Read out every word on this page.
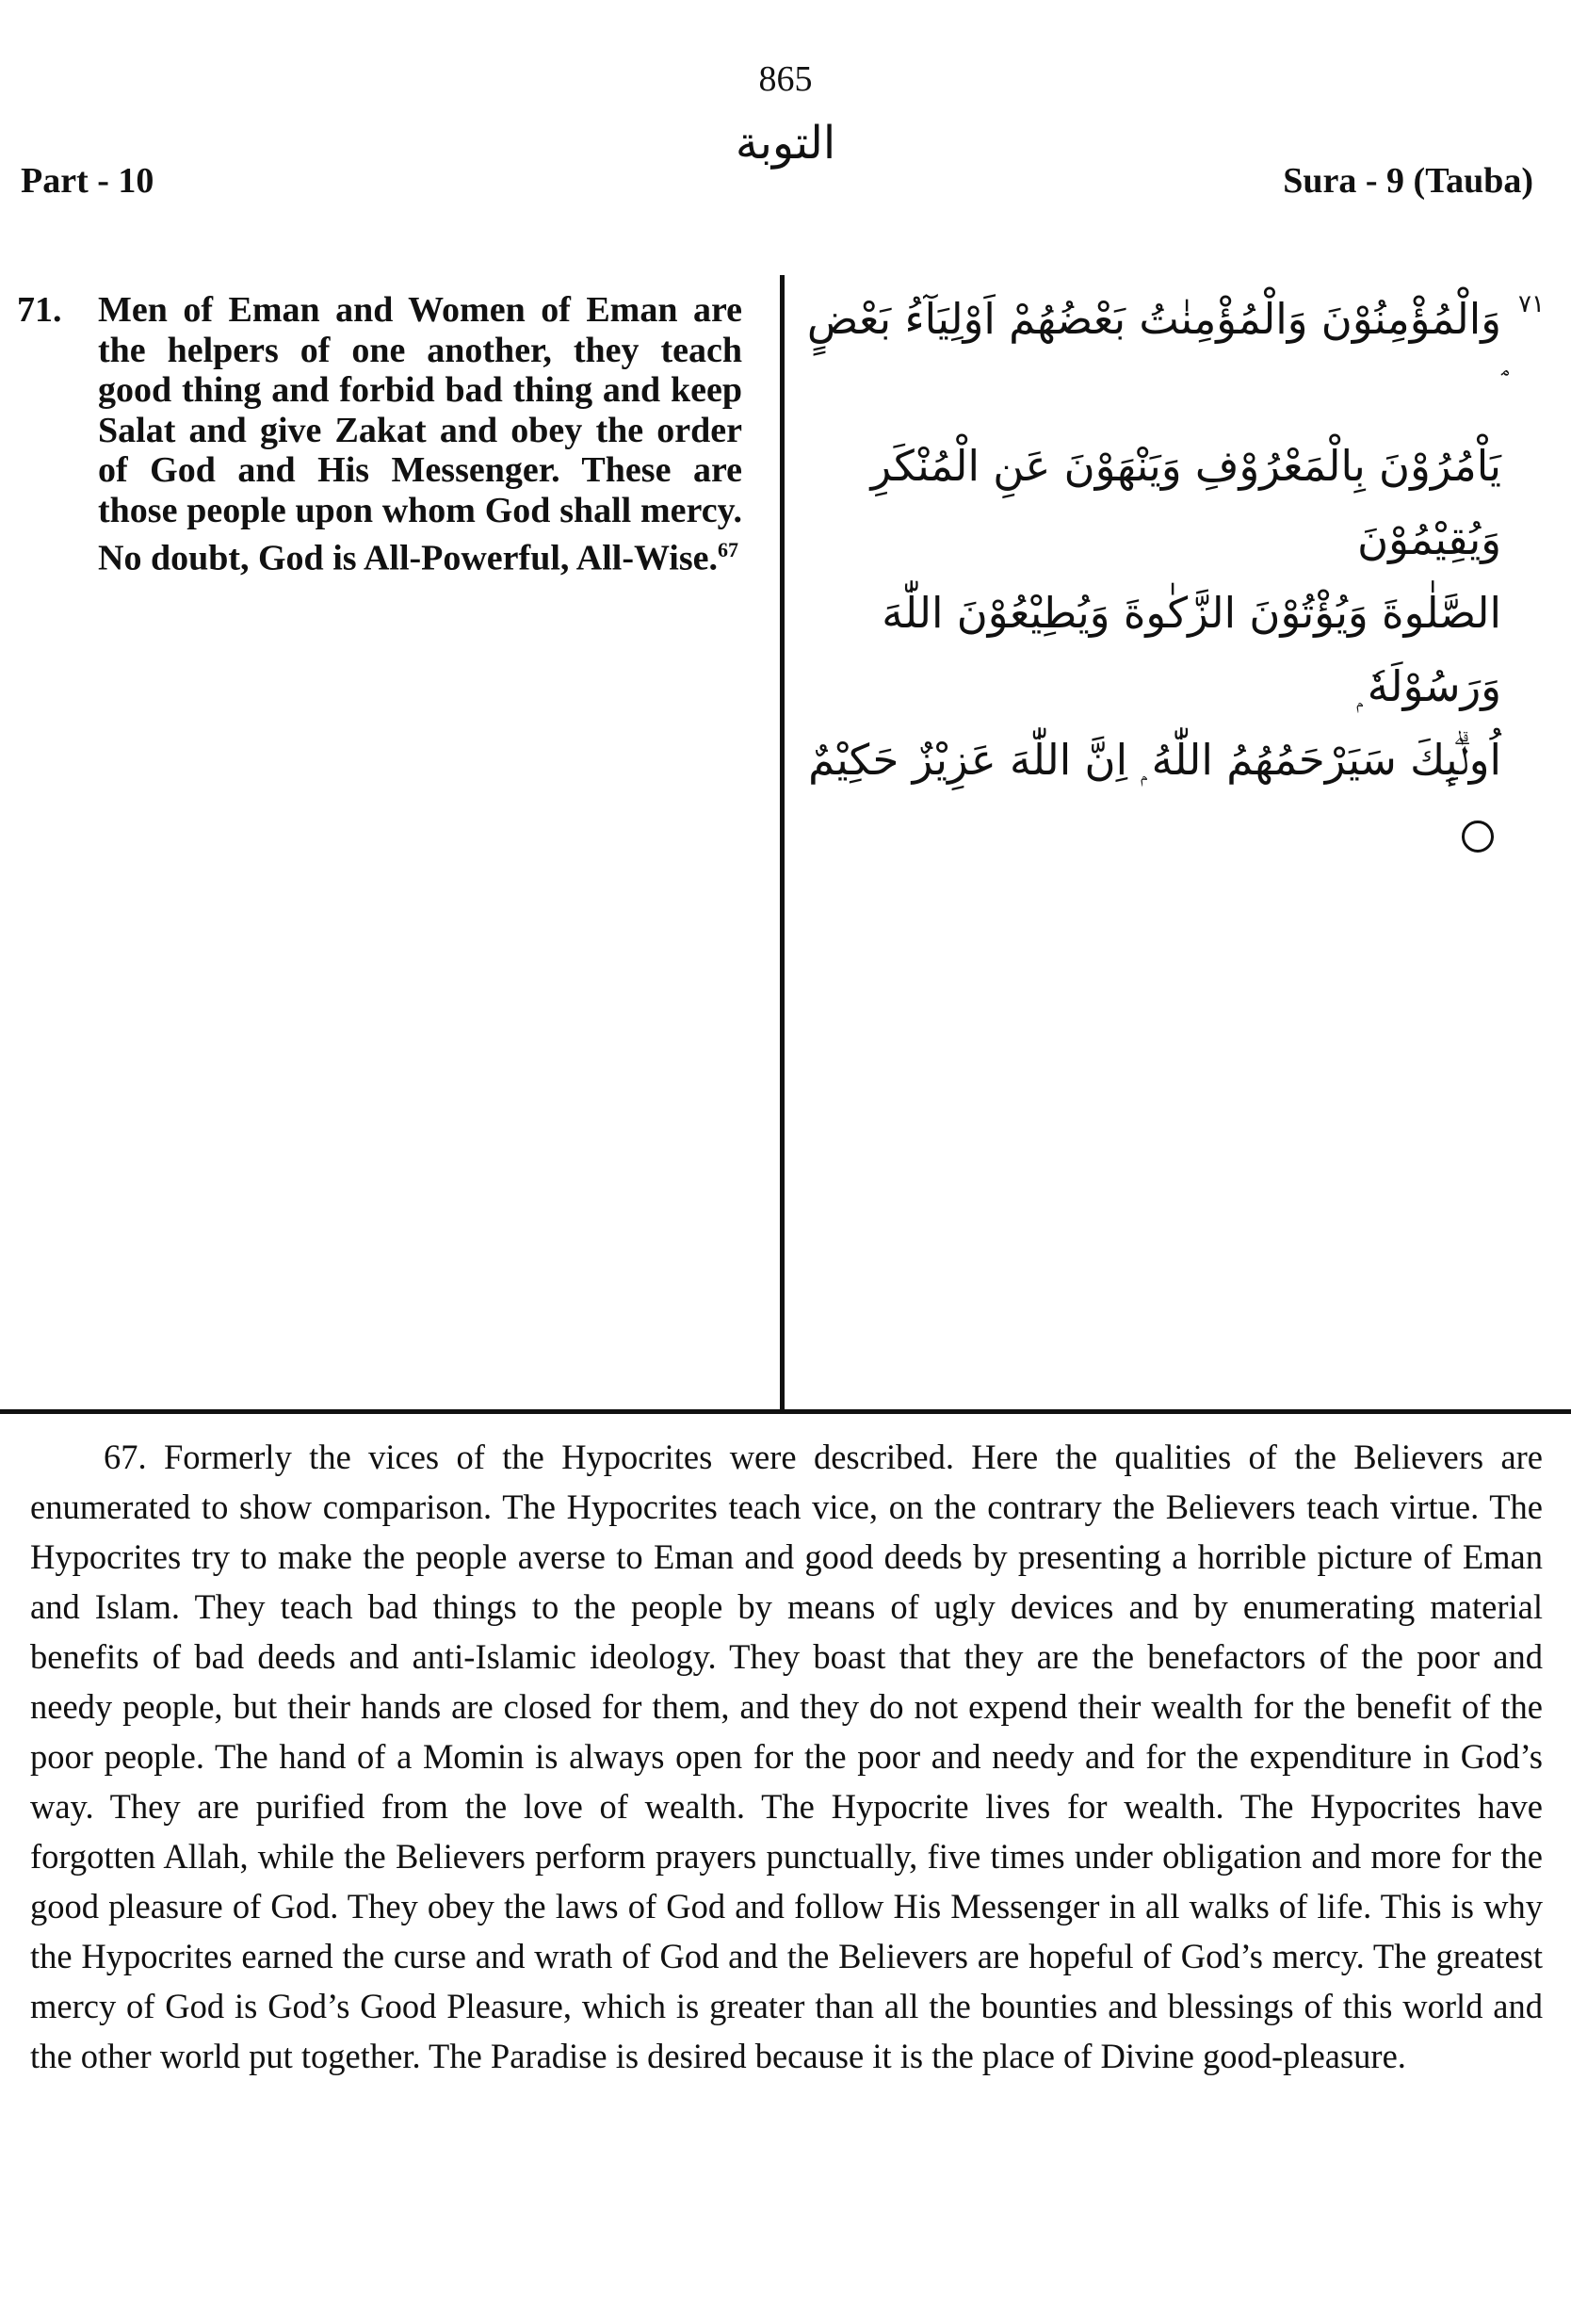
865
التوبة
Part - 10	Sura - 9 (Tauba)
71. Men of Eman and Women of Eman are the helpers of one another, they teach good thing and forbid bad thing and keep Salat and give Zakat and obey the order of God and His Messenger. These are those people upon whom God shall mercy. No doubt, God is All-Powerful, All-Wise.$^{67}$
٧١
وَالْمُؤْمِنُوْنَ وَالْمُؤْمِنٰتُ بَعْضُهُمْ اَوْلِيَآءُ بَعْضٍ
يَاْمُرُوْنَ بِالْمَعْرُوْفِ وَيَنْهَوْنَ عَنِ الْمُنْكَرِ وَيُقِيْمُوْنَ
الصَّلٰوةَ وَيُؤْتُوْنَ الزَّكٰوةَ وَيُطِيْعُوْنَ اللّٰهَ وَرَسُوْلَهٗ ۭ
اُولٰۗىِٕكَ سَيَرْحَمُهُمُ اللّٰهُ ۭ اِنَّ اللّٰهَ عَزِيْزٌ حَكِيْمٌ
67. Formerly the vices of the Hypocrites were described. Here the qualities of the Believers are enumerated to show comparison. The Hypocrites teach vice, on the contrary the Believers teach virtue. The Hypocrites try to make the people averse to Eman and good deeds by presenting a horrible picture of Eman and Islam. They teach bad things to the people by means of ugly devices and by enumerating material benefits of bad deeds and anti-Islamic ideology. They boast that they are the benefactors of the poor and needy people, but their hands are closed for them, and they do not expend their wealth for the benefit of the poor people. The hand of a Momin is always open for the poor and needy and for the expenditure in God’s way. They are purified from the love of wealth. The Hypocrite lives for wealth. The Hypocrites have forgotten Allah, while the Believers perform prayers punctually, five times under obligation and more for the good pleasure of God. They obey the laws of God and follow His Messenger in all walks of life. This is why the Hypocrites earned the curse and wrath of God and the Believers are hopeful of God’s mercy. The greatest mercy of God is God’s Good Pleasure, which is greater than all the bounties and blessings of this world and the other world put together. The Paradise is desired because it is the place of Divine good-pleasure.
